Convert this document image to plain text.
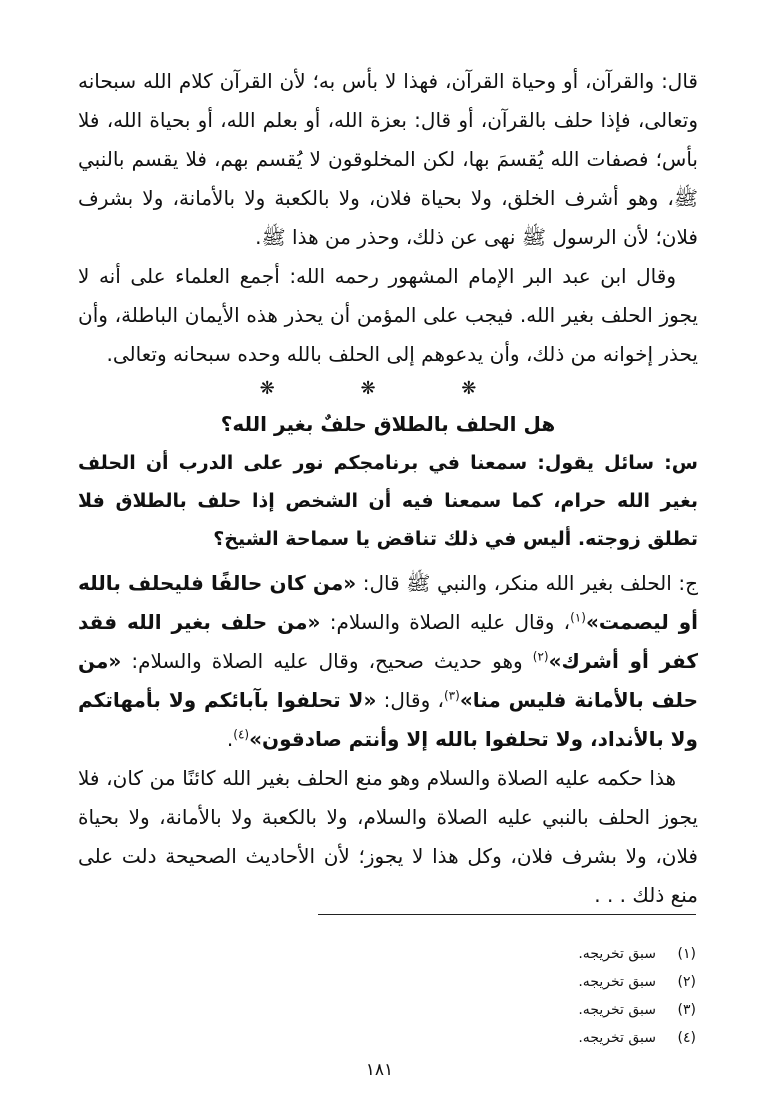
قال: والقرآن، أو وحياة القرآن، فهذا لا بأس به؛ لأن القرآن كلام الله سبحانه وتعالى، فإذا حلف بالقرآن، أو قال: بعزة الله، أو بعلم الله، أو بحياة الله، فلا بأس؛ فصفات الله يُقسمَ بها، لكن المخلوقون لا يُقسم بهم، فلا يقسم بالنبي ﷺ، وهو أشرف الخلق، ولا بحياة فلان، ولا بالكعبة ولا بالأمانة، ولا بشرف فلان؛ لأن الرسول ﷺ نهى عن ذلك، وحذر من هذا ﷺ.

وقال ابن عبد البر الإمام المشهور رحمه الله: أجمع العلماء على أنه لا يجوز الحلف بغير الله. فيجب على المؤمن أن يحذر هذه الأيمان الباطلة، وأن يحذر إخوانه من ذلك، وأن يدعوهم إلى الحلف بالله وحده سبحانه وتعالى.

❋ ❋ ❋
هل الحلف بالطلاق حلفٌ بغير الله؟

س: سائل يقول: سمعنا في برنامجكم نور على الدرب أن الحلف بغير الله حرام، كما سمعنا فيه أن الشخص إذا حلف بالطلاق فلا تطلق زوجته. أليس في ذلك تناقض يا سماحة الشيخ؟

ج: الحلف بغير الله منكر، والنبي ﷺ قال: «من كان حالفًا فليحلف بالله أو ليصمت»$^{(١)}$، وقال عليه الصلاة والسلام: «من حلف بغير الله فقد كفر أو أشرك»$^{(٢)}$ وهو حديث صحيح، وقال عليه الصلاة والسلام: «من حلف بالأمانة فليس منا»$^{(٣)}$، وقال: «لا تحلفوا بآبائكم ولا بأمهاتكم ولا بالأنداد، ولا تحلفوا بالله إلا وأنتم صادقون»$^{(٤)}$.

هذا حكمه عليه الصلاة والسلام وهو منع الحلف بغير الله كائنًا من كان، فلا يجوز الحلف بالنبي عليه الصلاة والسلام، ولا بالكعبة ولا بالأمانة، ولا بحياة فلان، ولا بشرف فلان، وكل هذا لا يجوز؛ لأن الأحاديث الصحيحة دلت على منع ذلك . . .

(١)سبق تخريجه.
(٢)سبق تخريجه.
(٣)سبق تخريجه.
(٤)سبق تخريجه.
١٨١
